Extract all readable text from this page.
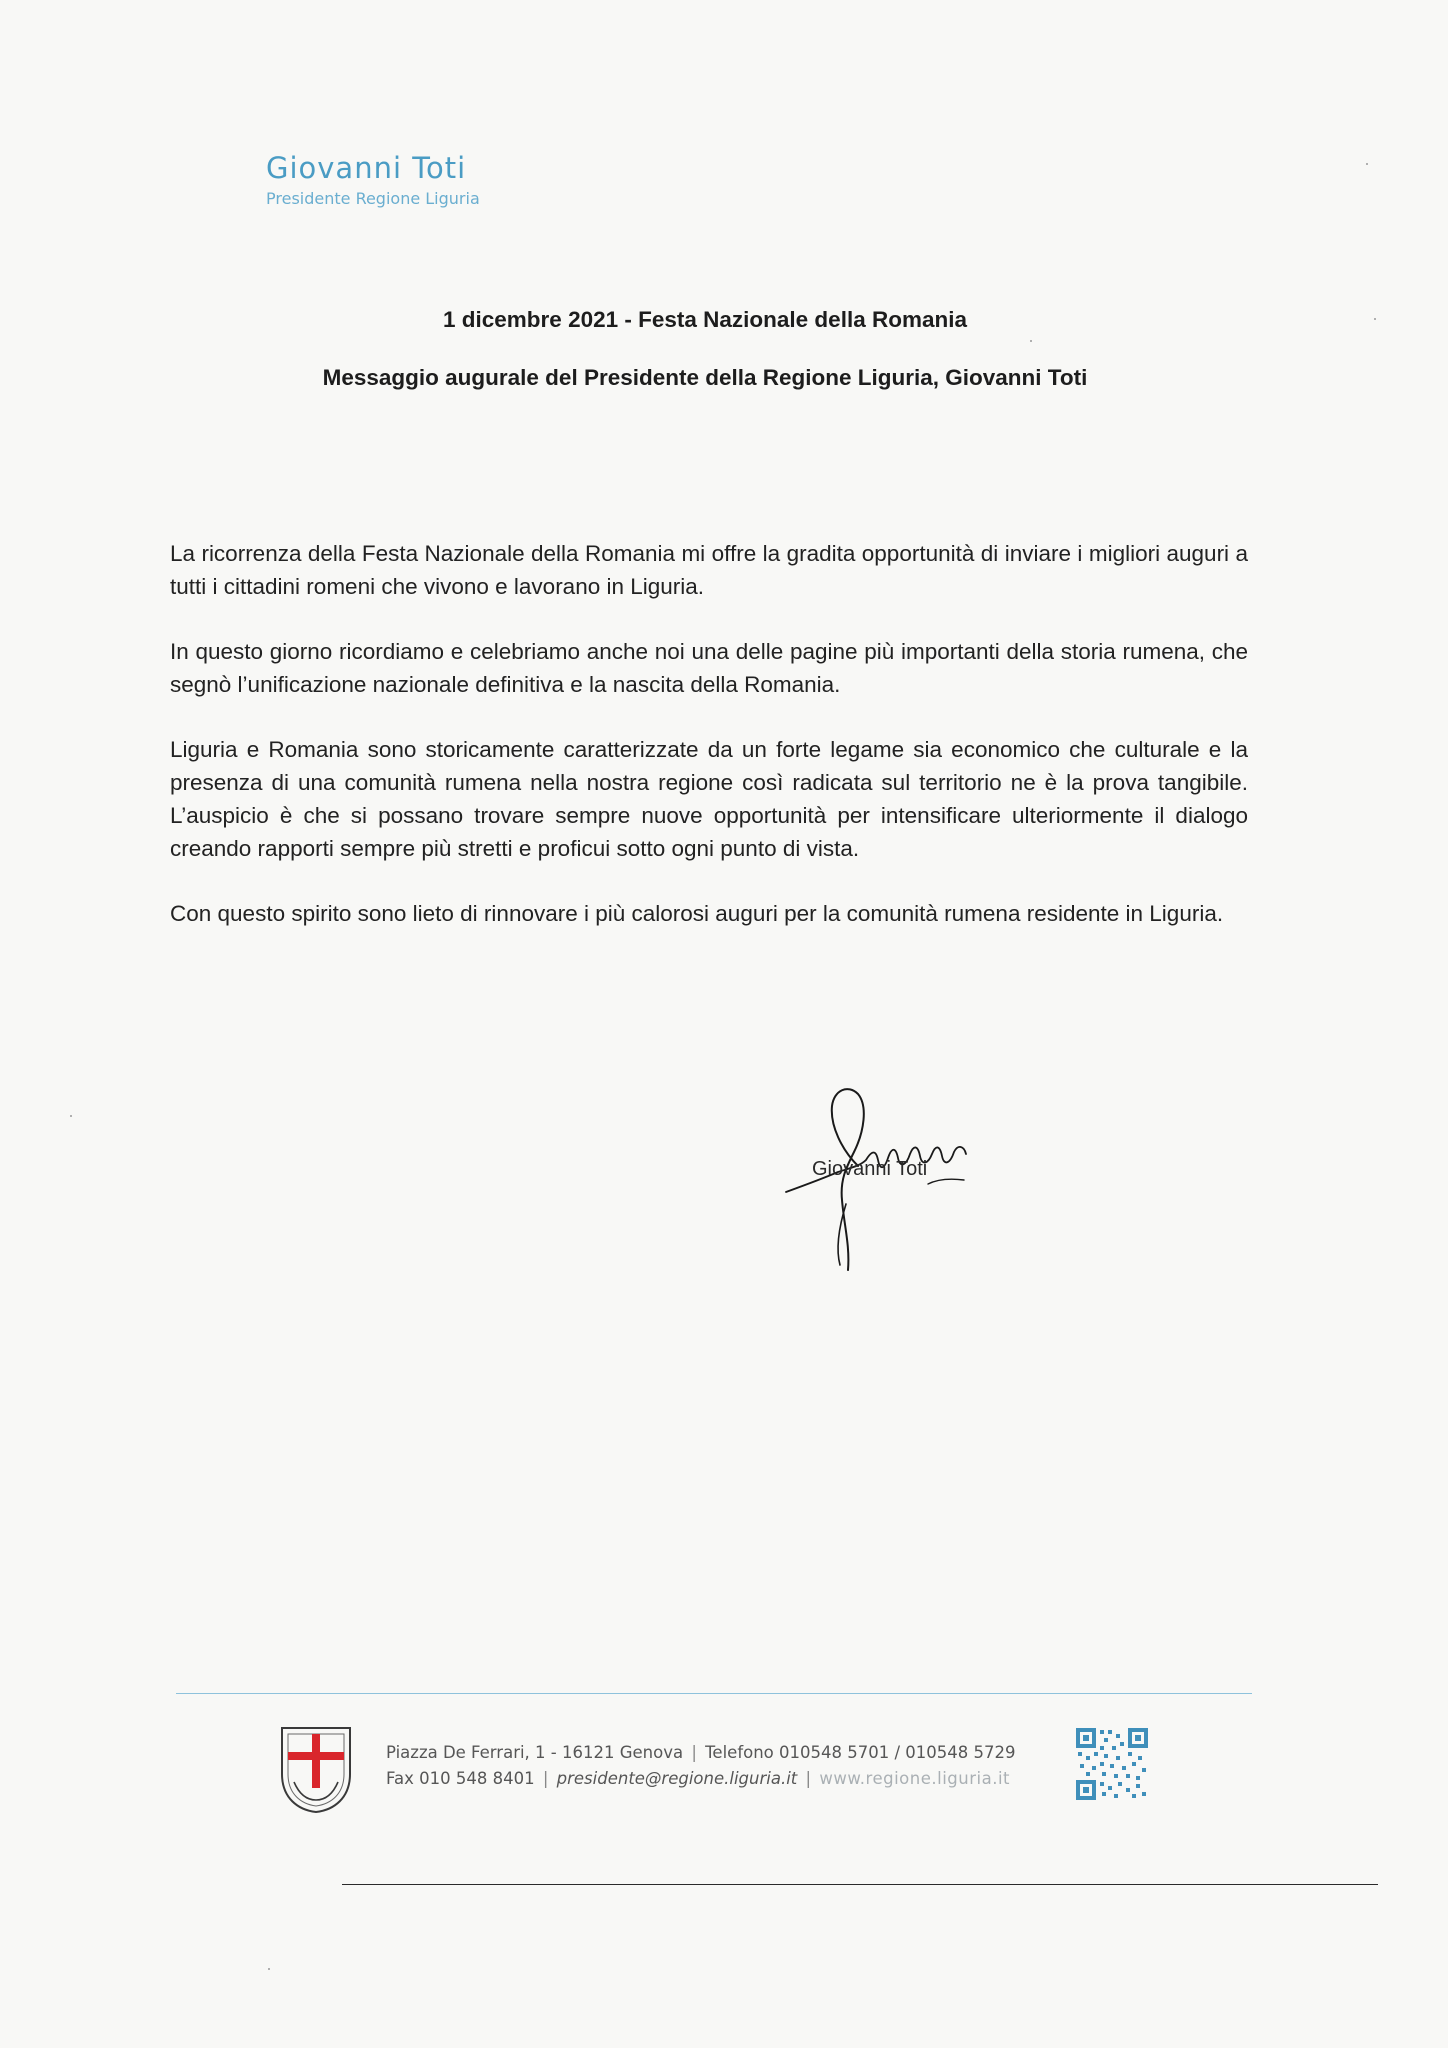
Giovanni Toti
Presidente Regione Liguria
1 dicembre 2021 - Festa Nazionale della Romania
Messaggio augurale del Presidente della Regione Liguria, Giovanni Toti

La ricorrenza della Festa Nazionale della Romania mi offre la gradita opportunità di inviare i migliori auguri a tutti i cittadini romeni che vivono e lavorano in Liguria.

In questo giorno ricordiamo e celebriamo anche noi una delle pagine più importanti della storia rumena, che segnò l’unificazione nazionale definitiva e la nascita della Romania.

Liguria e Romania sono storicamente caratterizzate da un forte legame sia economico che culturale e la presenza di una comunità rumena nella nostra regione così radicata sul territorio ne è la prova tangibile. L’auspicio è che si possano trovare sempre nuove opportunità per intensificare ulteriormente il dialogo creando rapporti sempre più stretti e proficui sotto ogni punto di vista.

Con questo spirito sono lieto di rinnovare i più calorosi auguri per la comunità rumena residente in Liguria.

Giovanni Toti
Piazza De Ferrari, 1 - 16121 Genova | Telefono 010548 5701 / 010548 5729
Fax 010 548 8401 | presidente@regione.liguria.it | www.regione.liguria.it
